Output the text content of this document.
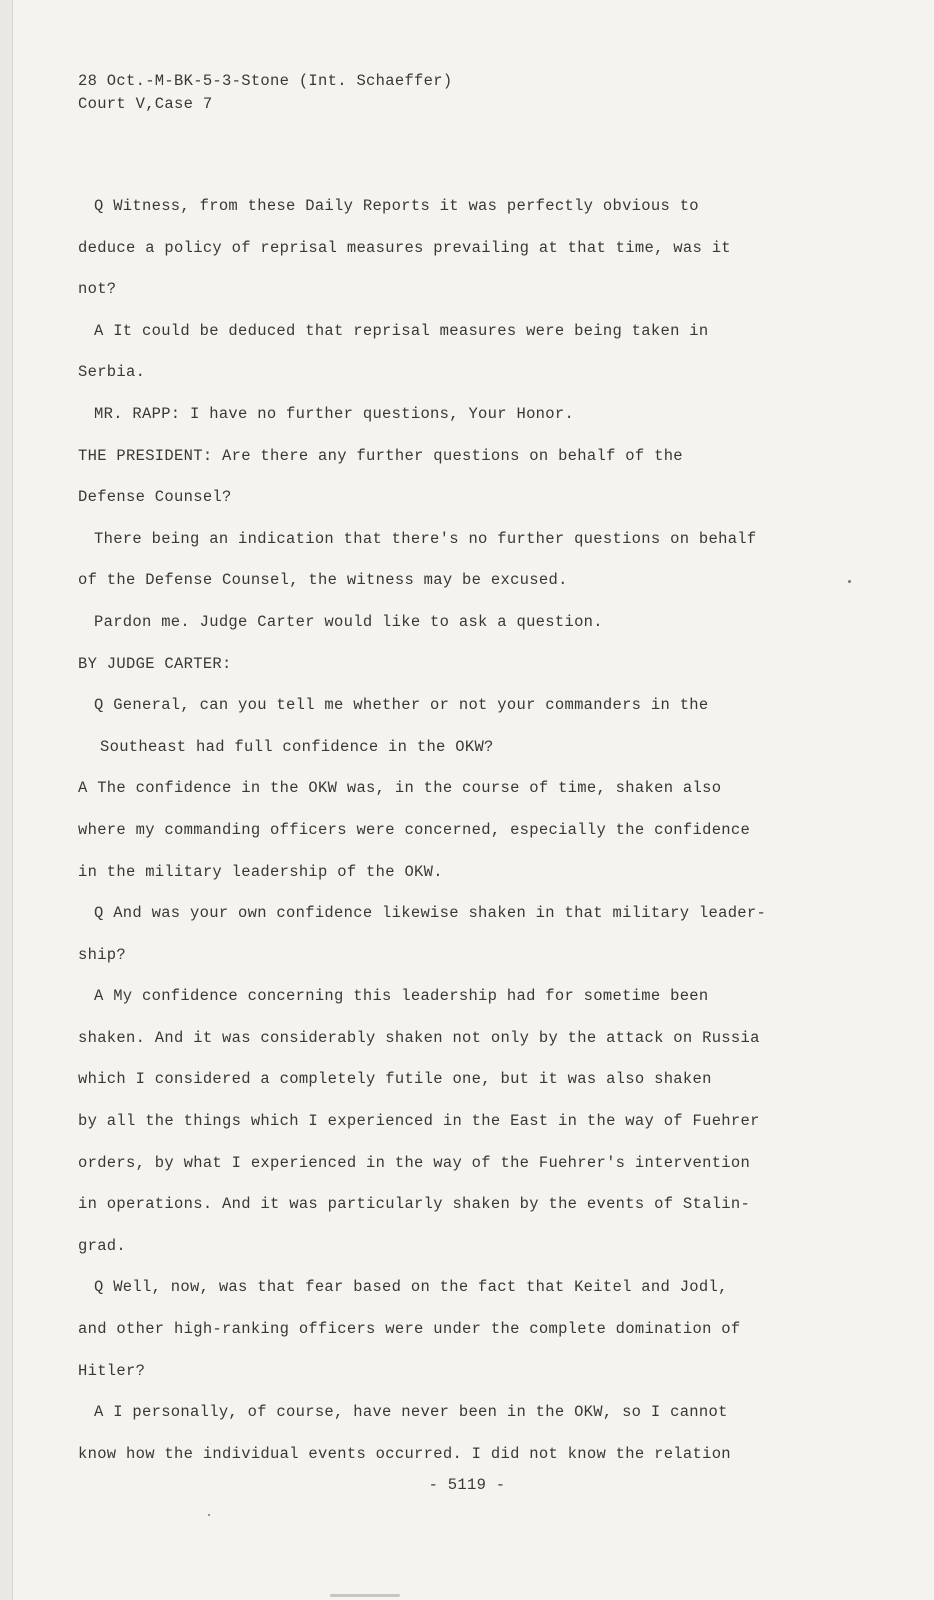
28 Oct.-M-BK-5-3-Stone (Int. Schaeffer)
Court V,Case 7
Q Witness, from these Daily Reports it was perfectly obvious to
deduce a policy of reprisal measures prevailing at that time, was it
not?
A It could be deduced that reprisal measures were being taken in
Serbia.
MR. RAPP: I have no further questions, Your Honor.
THE PRESIDENT: Are there any further questions on behalf of the
Defense Counsel?
There being an indication that there's no further questions on behalf
of the Defense Counsel, the witness may be excused.
Pardon me. Judge Carter would like to ask a question.
BY JUDGE CARTER:
Q General, can you tell me whether or not your commanders in the
Southeast had full confidence in the OKW?
A The confidence in the OKW was, in the course of time, shaken also
where my commanding officers were concerned, especially the confidence
in the military leadership of the OKW.
Q And was your own confidence likewise shaken in that military leader-
ship?
A My confidence concerning this leadership had for sometime been
shaken. And it was considerably shaken not only by the attack on Russia
which I considered a completely futile one, but it was also shaken
by all the things which I experienced in the East in the way of Fuehrer
orders, by what I experienced in the way of the Fuehrer's intervention
in operations. And it was particularly shaken by the events of Stalin-
grad.
Q Well, now, was that fear based on the fact that Keitel and Jodl,
and other high-ranking officers were under the complete domination of
Hitler?
A I personally, of course, have never been in the OKW, so I cannot
know how the individual events occurred. I did not know the relation
- 5119 -
